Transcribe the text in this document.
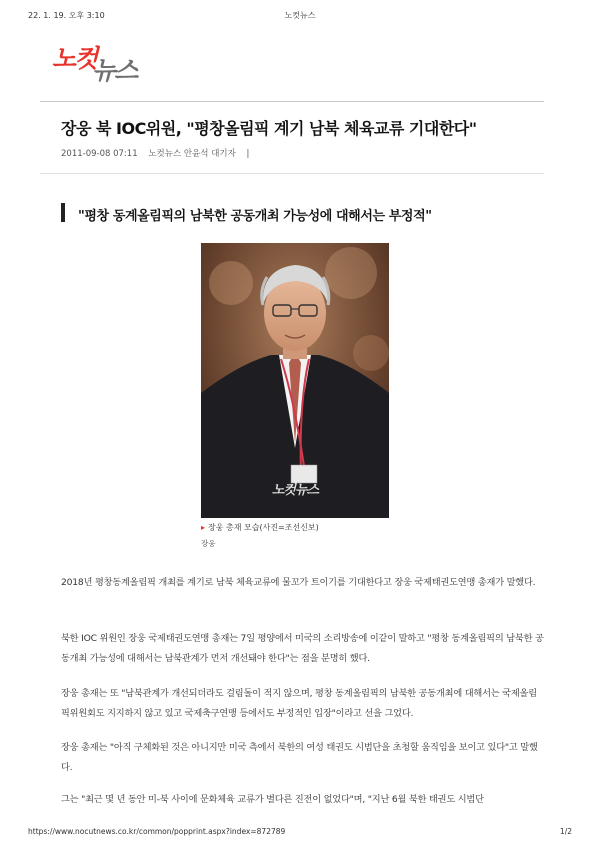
22. 1. 19. 오후 3:10	노컷뉴스
노컷
뉴스
장웅 북 IOC위원, "평창올림픽 계기 남북 체육교류 기대한다"
2011-09-08 07:11 노컷뉴스 안윤석 대기자 |
"평창 동계올림픽의 남북한 공동개최 가능성에 대해서는 부정적"
노컷뉴스
▸ 장웅 총재 모습(사진=조선신보)
장웅

2018년 평창동계올림픽 개최를 계기로 남북 체육교류에 물꼬가 트이기를 기대한다고 장웅 국제태권도연맹 총재가 말했다.

북한 IOC 위원인 장웅 국제태권도연맹 총재는 7일 평양에서 미국의 소리방송에 이같이 말하고 "평창 동계올림픽의 남북한 공동개최 가능성에 대해서는 남북관계가 먼저 개선돼야 한다"는 점을 분명히 했다.

장웅 총재는 또 "남북관계가 개선되더라도 걸림돌이 적지 않으며, 평창 동계올림픽의 남북한 공동개최에 대해서는 국제올림픽위원회도 지지하지 않고 있고 국제축구연맹 등에서도 부정적인 입장"이라고 선을 그었다.

장웅 총재는 "아직 구체화된 것은 아니지만 미국 측에서 북한의 여성 태권도 시범단을 초청할 움직임을 보이고 있다"고 말했다.

그는 "최근 몇 년 동안 미-북 사이에 문화체육 교류가 별다른 진전이 없었다"며, "지난 6월 북한 태권도 시범단

https://www.nocutnews.co.kr/common/popprint.aspx?index=872789	1/2
